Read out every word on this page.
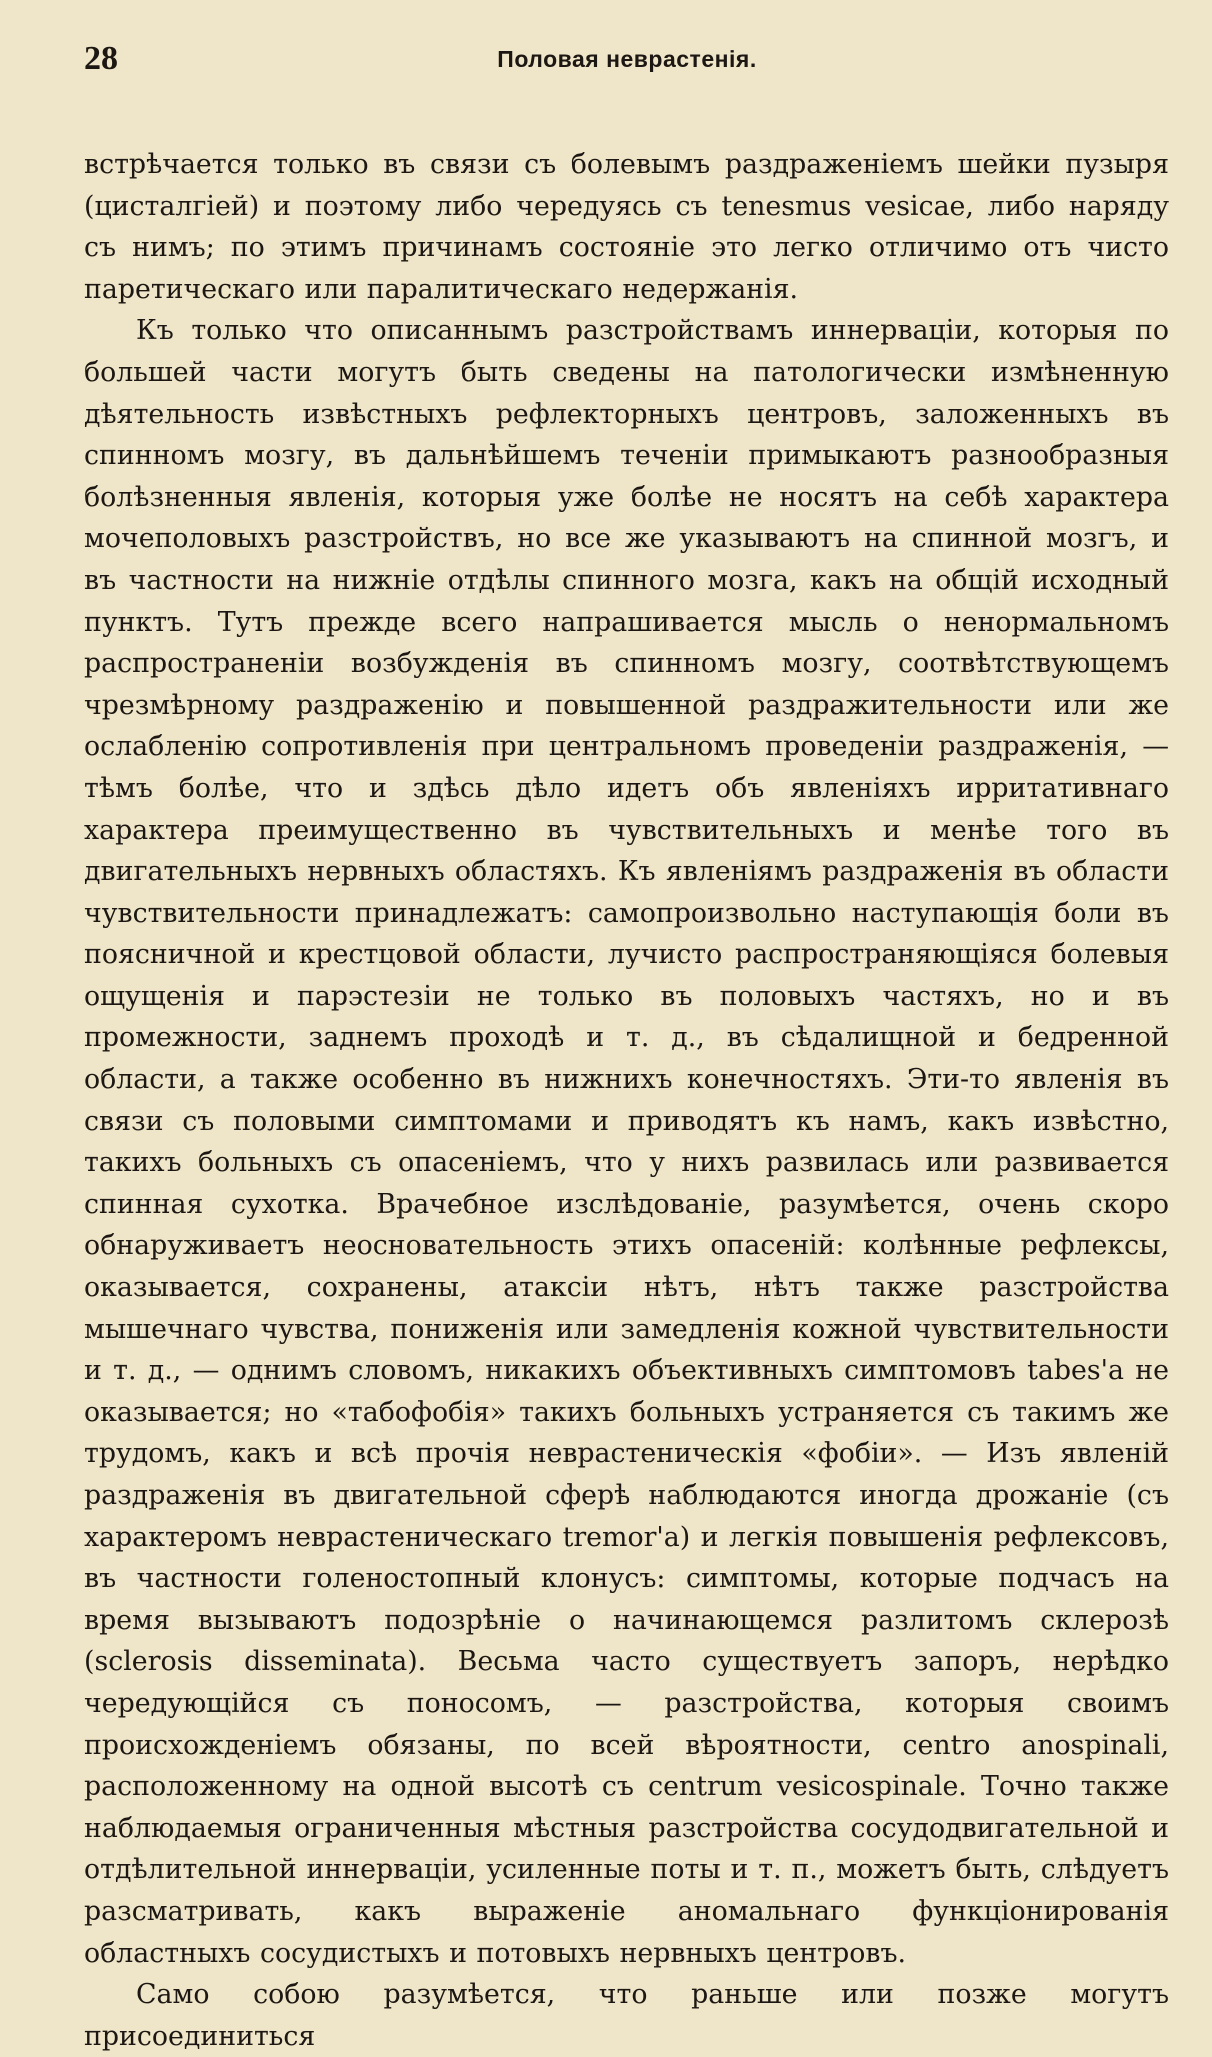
28	Половая неврастенія.

встрѣчается только въ связи съ болевымъ раздраженіемъ шейки пузыря (цисталгіей) и поэтому либо чередуясь съ tenesmus vesicae, либо наряду съ нимъ; по этимъ причинамъ состояніе это легко отличимо отъ чисто паретическаго или паралитическаго недержанія.

Къ только что описаннымъ разстройствамъ иннерваціи, которыя по большей части могутъ быть сведены на патологически измѣненную дѣятельность извѣстныхъ рефлекторныхъ центровъ, заложенныхъ въ спинномъ мозгу, въ дальнѣйшемъ теченіи примыкаютъ разнообразныя болѣзненныя явленія, которыя уже болѣе не носятъ на себѣ характера мочеполовыхъ разстройствъ, но все же указываютъ на спинной мозгъ, и въ частности на нижніе отдѣлы спинного мозга, какъ на общій исходный пунктъ. Тутъ прежде всего напрашивается мысль о ненормальномъ распространеніи возбужденія въ спинномъ мозгу, соотвѣтствующемъ чрезмѣрному раздраженію и повышенной раздражительности или же ослабленію сопротивленія при центральномъ проведеніи раздраженія, — тѣмъ болѣе, что и здѣсь дѣло идетъ объ явленіяхъ ирритативнаго характера преимущественно въ чувствительныхъ и менѣе того въ двигательныхъ нервныхъ областяхъ. Къ явленіямъ раздраженія въ области чувствительности принадлежатъ: самопроизвольно наступающія боли въ поясничной и крестцовой области, лучисто распространяющіяся болевыя ощущенія и парэстезіи не только въ половыхъ частяхъ, но и въ промежности, заднемъ проходѣ и т. д., въ сѣдалищной и бедренной области, а также особенно въ нижнихъ конечностяхъ. Эти-то явленія въ связи съ половыми симптомами и приводятъ къ намъ, какъ извѣстно, такихъ больныхъ съ опасеніемъ, что у нихъ развилась или развивается спинная сухотка. Врачебное изслѣдованіе, разумѣется, очень скоро обнаруживаетъ неосновательность этихъ опасеній: колѣнные рефлексы, оказывается, сохранены, атаксіи нѣтъ, нѣтъ также разстройства мышечнаго чувства, пониженія или замедленія кожной чувствительности и т. д., — однимъ словомъ, никакихъ объективныхъ симптомовъ tabes'а не оказывается; но «табофобія» такихъ больныхъ устраняется съ такимъ же трудомъ, какъ и всѣ прочія неврастеническія «фобіи». — Изъ явленій раздраженія въ двигательной сферѣ наблюдаются иногда дрожаніе (съ характеромъ неврастеническаго tremor'а) и легкія повышенія рефлексовъ, въ частности голеностопный клонусъ: симптомы, которые подчасъ на время вызываютъ подозрѣніе о начинающемся разлитомъ склерозѣ (sclerosis disseminata). Весьма часто существуетъ запоръ, нерѣдко чередующійся съ поносомъ, — разстройства, которыя своимъ происхожденіемъ обязаны, по всей вѣроятности, centro anospinali, расположенному на одной высотѣ съ centrum vesicospinale. Точно также наблюдаемыя ограниченныя мѣстныя разстройства сосудодвигательной и отдѣлительной иннерваціи, усиленные поты и т. п., можетъ быть, слѣдуетъ разсматривать, какъ выраженіе аномальнаго функціонированія областныхъ сосудистыхъ и потовыхъ нервныхъ центровъ.

Само собою разумѣется, что раньше или позже могутъ присоединиться
